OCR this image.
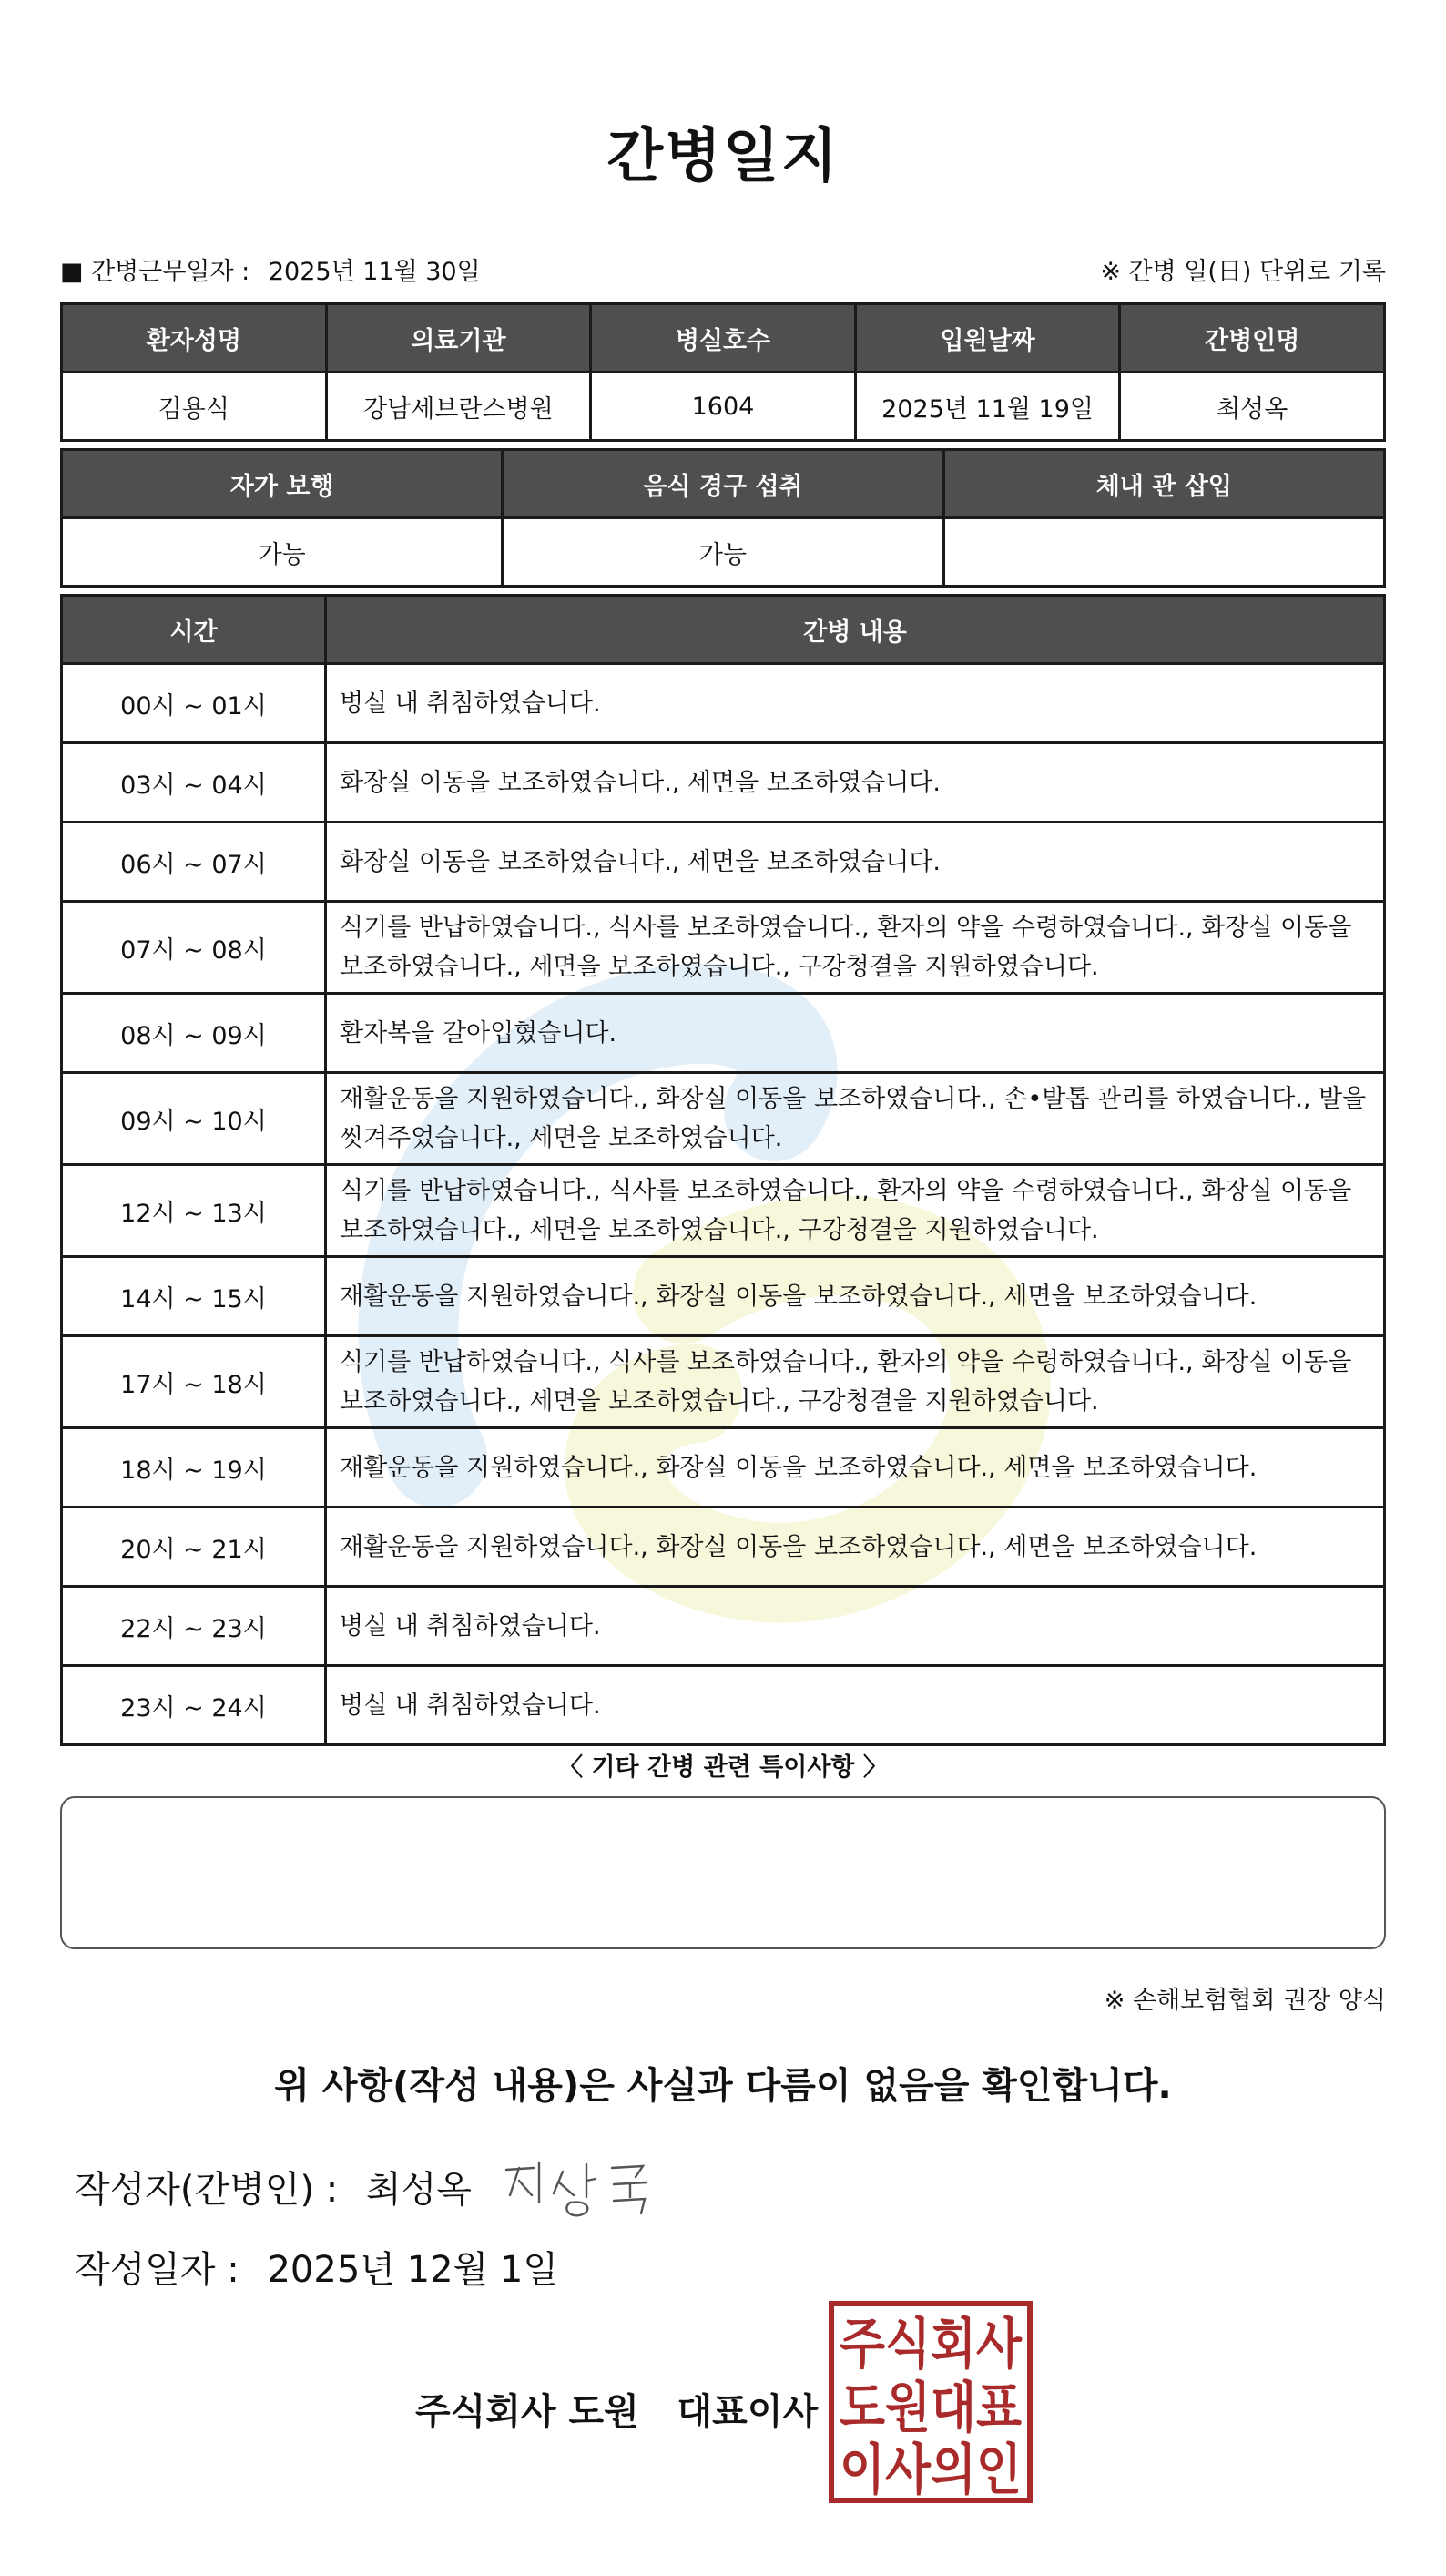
간병일지
■ 간병근무일자 : 2025년 11월 30일	※ 간병 일(日) 단위로 기록
환자성명	의료기관	병실호수	입원날짜	간병인명
김용식	강남세브란스병원	1604	2025년 11월 19일	최성옥
자가 보행	음식 경구 섭취	체내 관 삽입
가능	가능	
시간	간병 내용
00시 ~ 01시	병실 내 취침하였습니다.
03시 ~ 04시	화장실 이동을 보조하였습니다., 세면을 보조하였습니다.
06시 ~ 07시	화장실 이동을 보조하였습니다., 세면을 보조하였습니다.
07시 ~ 08시	식기를 반납하였습니다., 식사를 보조하였습니다., 환자의 약을 수령하였습니다., 화장실 이동을 보조하였습니다., 세면을 보조하였습니다., 구강청결을 지원하였습니다.
08시 ~ 09시	환자복을 갈아입혔습니다.
09시 ~ 10시	재활운동을 지원하였습니다., 화장실 이동을 보조하였습니다., 손•발톱 관리를 하였습니다., 발을 씻겨주었습니다., 세면을 보조하였습니다.
12시 ~ 13시	식기를 반납하였습니다., 식사를 보조하였습니다., 환자의 약을 수령하였습니다., 화장실 이동을 보조하였습니다., 세면을 보조하였습니다., 구강청결을 지원하였습니다.
14시 ~ 15시	재활운동을 지원하였습니다., 화장실 이동을 보조하였습니다., 세면을 보조하였습니다.
17시 ~ 18시	식기를 반납하였습니다., 식사를 보조하였습니다., 환자의 약을 수령하였습니다., 화장실 이동을 보조하였습니다., 세면을 보조하였습니다., 구강청결을 지원하였습니다.
18시 ~ 19시	재활운동을 지원하였습니다., 화장실 이동을 보조하였습니다., 세면을 보조하였습니다.
20시 ~ 21시	재활운동을 지원하였습니다., 화장실 이동을 보조하였습니다., 세면을 보조하였습니다.
22시 ~ 23시	병실 내 취침하였습니다.
23시 ~ 24시	병실 내 취침하였습니다.
〈 기타 간병 관련 특이사항 〉
※ 손해보험협회 권장 양식
위 사항(작성 내용)은 사실과 다름이 없음을 확인합니다.
작성자(간병인) : 최성옥
작성일자 : 2025년 12월 1일
주식회사 도원   대표이사
주식회사
도원대표
이사의인
